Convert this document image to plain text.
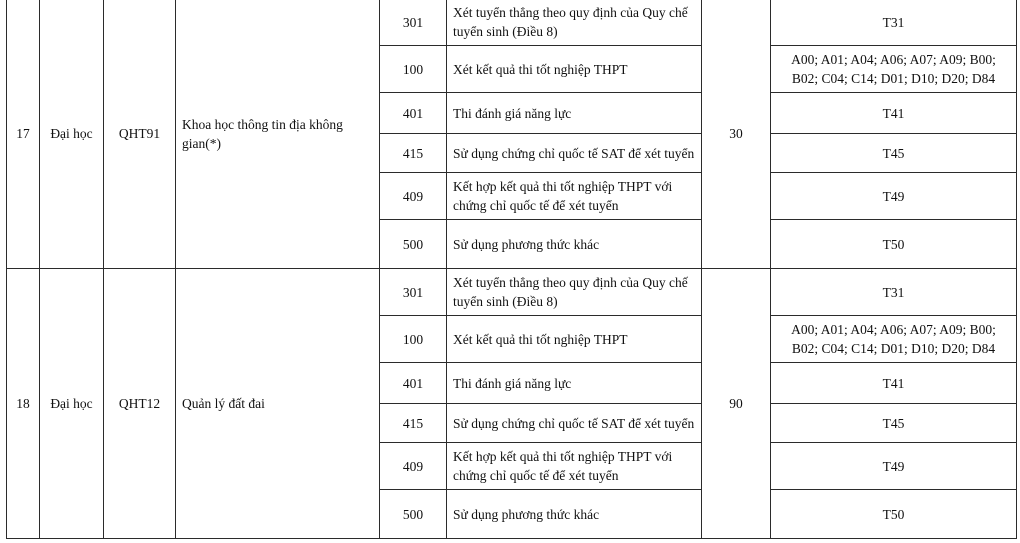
17	Đại học	QHT91	Khoa học thông tin địa không gian(*)	301	Xét tuyển thẳng theo quy định của Quy chế tuyển sinh (Điều 8)	30	T31
				100	Xét kết quả thi tốt nghiệp THPT		A00; A01; A04; A06; A07; A09; B00; B02; C04; C14; D01; D10; D20; D84
				401	Thi đánh giá năng lực		T41
				415	Sử dụng chứng chỉ quốc tế SAT để xét tuyển		T45
				409	Kết hợp kết quả thi tốt nghiệp THPT với chứng chỉ quốc tế để xét tuyển		T49
				500	Sử dụng phương thức khác		T50
18	Đại học	QHT12	Quản lý đất đai	301	Xét tuyển thẳng theo quy định của Quy chế tuyển sinh (Điều 8)	90	T31
				100	Xét kết quả thi tốt nghiệp THPT		A00; A01; A04; A06; A07; A09; B00; B02; C04; C14; D01; D10; D20; D84
				401	Thi đánh giá năng lực		T41
				415	Sử dụng chứng chỉ quốc tế SAT để xét tuyển		T45
				409	Kết hợp kết quả thi tốt nghiệp THPT với chứng chỉ quốc tế để xét tuyển		T49
				500	Sử dụng phương thức khác		T50
